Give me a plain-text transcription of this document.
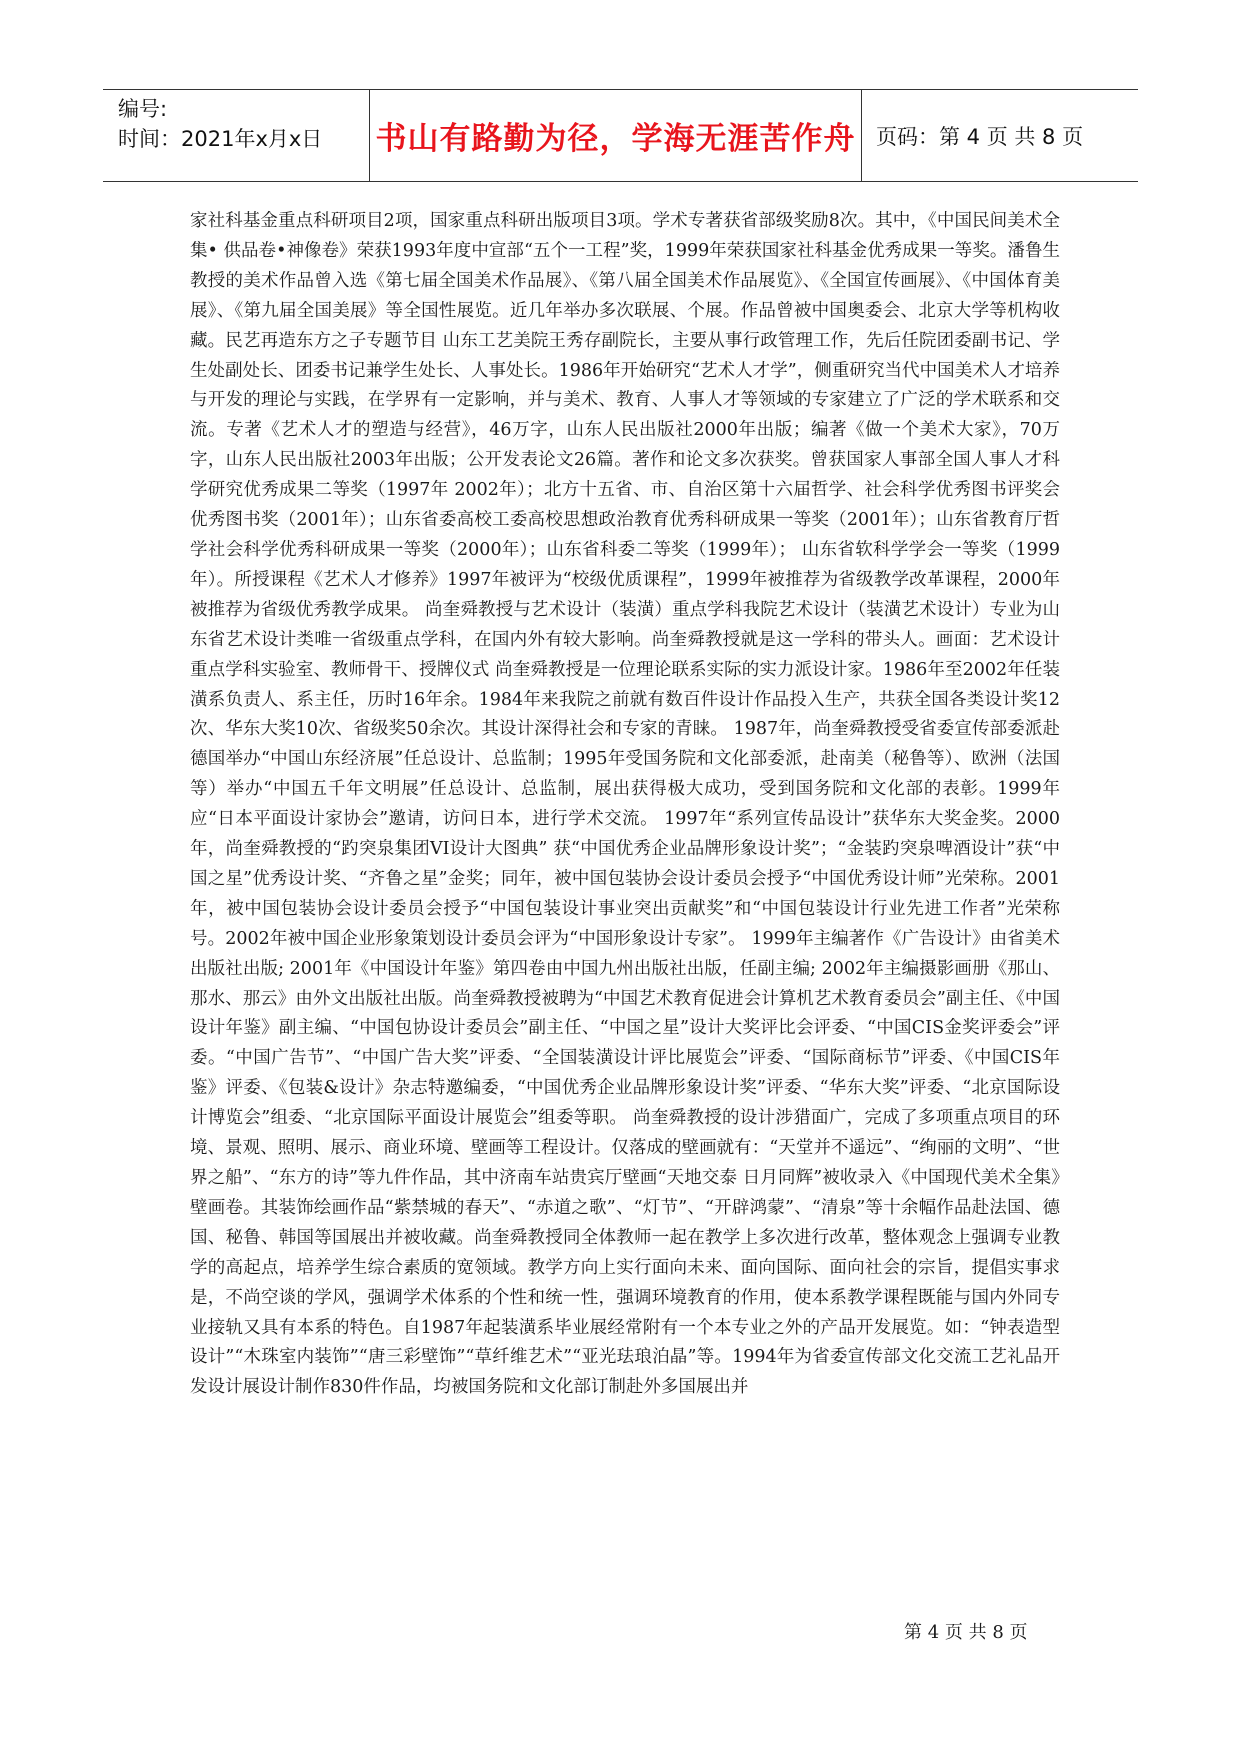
编号:
时间：2021年x月x日	书山有路勤为径，学海无涯苦作舟 页码：第 4 页 共 8 页

家社科基金重点科研项目2项，国家重点科研出版项目3项。学术专著获省部级奖励8次。其中，《中国民间美术全集• 供品卷•神像卷》荣获1993年度中宣部“五个一工程”奖，1999年荣获国家社科基金优秀成果一等奖。潘鲁生教授的美术作品曾入选《第七届全国美术作品展》、《第八届全国美术作品展览》、《全国宣传画展》、《中国体育美展》、《第九届全国美展》等全国性展览。近几年举办多次联展、个展。作品曾被中国奥委会、北京大学等机构收藏。民艺再造东方之子专题节目 山东工艺美院王秀存副院长，主要从事行政管理工作，先后任院团委副书记、学生处副处长、团委书记兼学生处长、人事处长。1986年开始研究“艺术人才学”，侧重研究当代中国美术人才培养与开发的理论与实践，在学界有一定影响，并与美术、教育、人事人才等领域的专家建立了广泛的学术联系和交流。专著《艺术人才的塑造与经营》，46万字，山东人民出版社2000年出版；编著《做一个美术大家》，70万字，山东人民出版社2003年出版；公开发表论文26篇。著作和论文多次获奖。曾获国家人事部全国人事人才科学研究优秀成果二等奖（1997年 2002年）；北方十五省、市、自治区第十六届哲学、社会科学优秀图书评奖会优秀图书奖（2001年）；山东省委高校工委高校思想政治教育优秀科研成果一等奖（2001年）；山东省教育厅哲学社会科学优秀科研成果一等奖（2000年）；山东省科委二等奖（1999年）； 山东省软科学学会一等奖（1999年）。所授课程《艺术人才修养》1997年被评为“校级优质课程”，1999年被推荐为省级教学改革课程，2000年被推荐为省级优秀教学成果。 尚奎舜教授与艺术设计（装潢）重点学科我院艺术设计（装潢艺术设计）专业为山东省艺术设计类唯一省级重点学科，在国内外有较大影响。尚奎舜教授就是这一学科的带头人。画面：艺术设计重点学科实验室、教师骨干、授牌仪式 尚奎舜教授是一位理论联系实际的实力派设计家。1986年至2002年任装潢系负责人、系主任，历时16年余。1984年来我院之前就有数百件设计作品投入生产，共获全国各类设计奖12次、华东大奖10次、省级奖50余次。其设计深得社会和专家的青睐。 1987年，尚奎舜教授受省委宣传部委派赴德国举办“中国山东经济展”任总设计、总监制；1995年受国务院和文化部委派，赴南美（秘鲁等）、欧洲（法国等）举办“中国五千年文明展”任总设计、总监制，展出获得极大成功，受到国务院和文化部的表彰。1999年应“日本平面设计家协会”邀请，访问日本，进行学术交流。 1997年“系列宣传品设计”获华东大奖金奖。2000年，尚奎舜教授的“趵突泉集团VI设计大图典” 获“中国优秀企业品牌形象设计奖”；“金装趵突泉啤酒设计”获“中国之星”优秀设计奖、“齐鲁之星”金奖；同年，被中国包装协会设计委员会授予“中国优秀设计师”光荣称。2001年，被中国包装协会设计委员会授予“中国包装设计事业突出贡献奖”和“中国包装设计行业先进工作者”光荣称号。2002年被中国企业形象策划设计委员会评为“中国形象设计专家”。 1999年主编著作《广告设计》由省美术出版社出版; 2001年《中国设计年鉴》第四卷由中国九州出版社出版，任副主编; 2002年主编摄影画册《那山、那水、那云》由外文出版社出版。尚奎舜教授被聘为“中国艺术教育促进会计算机艺术教育委员会”副主任、《中国设计年鉴》副主编、“中国包协设计委员会”副主任、“中国之星”设计大奖评比会评委、“中国CIS金奖评委会”评委。“中国广告节”、“中国广告大奖”评委、“全国装潢设计评比展览会”评委、“国际商标节”评委、《中国CIS年鉴》评委、《包装&设计》杂志特邀编委，“中国优秀企业品牌形象设计奖”评委、“华东大奖”评委、“北京国际设计博览会”组委、“北京国际平面设计展览会”组委等职。 尚奎舜教授的设计涉猎面广，完成了多项重点项目的环境、景观、照明、展示、商业环境、壁画等工程设计。仅落成的壁画就有：“天堂并不遥远”、“绚丽的文明”、“世界之船”、“东方的诗”等九件作品，其中济南车站贵宾厅壁画“天地交泰 日月同辉”被收录入《中国现代美术全集》壁画卷。其装饰绘画作品“紫禁城的春天”、“赤道之歌”、“灯节”、“开辟鸿蒙”、“清泉”等十余幅作品赴法国、德国、秘鲁、韩国等国展出并被收藏。尚奎舜教授同全体教师一起在教学上多次进行改革，整体观念上强调专业教学的高起点，培养学生综合素质的宽领域。教学方向上实行面向未来、面向国际、面向社会的宗旨，提倡实事求是，不尚空谈的学风，强调学术体系的个性和统一性，强调环境教育的作用，使本系教学课程既能与国内外同专业接轨又具有本系的特色。自1987年起装潢系毕业展经常附有一个本专业之外的产品开发展览。如：“钟表造型设计”“木珠室内装饰”“唐三彩壁饰”“草纤维艺术”“亚光珐琅泊晶”等。1994年为省委宣传部文化交流工艺礼品开发设计展设计制作830件作品，均被国务院和文化部订制赴外多国展出并

第 4 页 共 8 页
